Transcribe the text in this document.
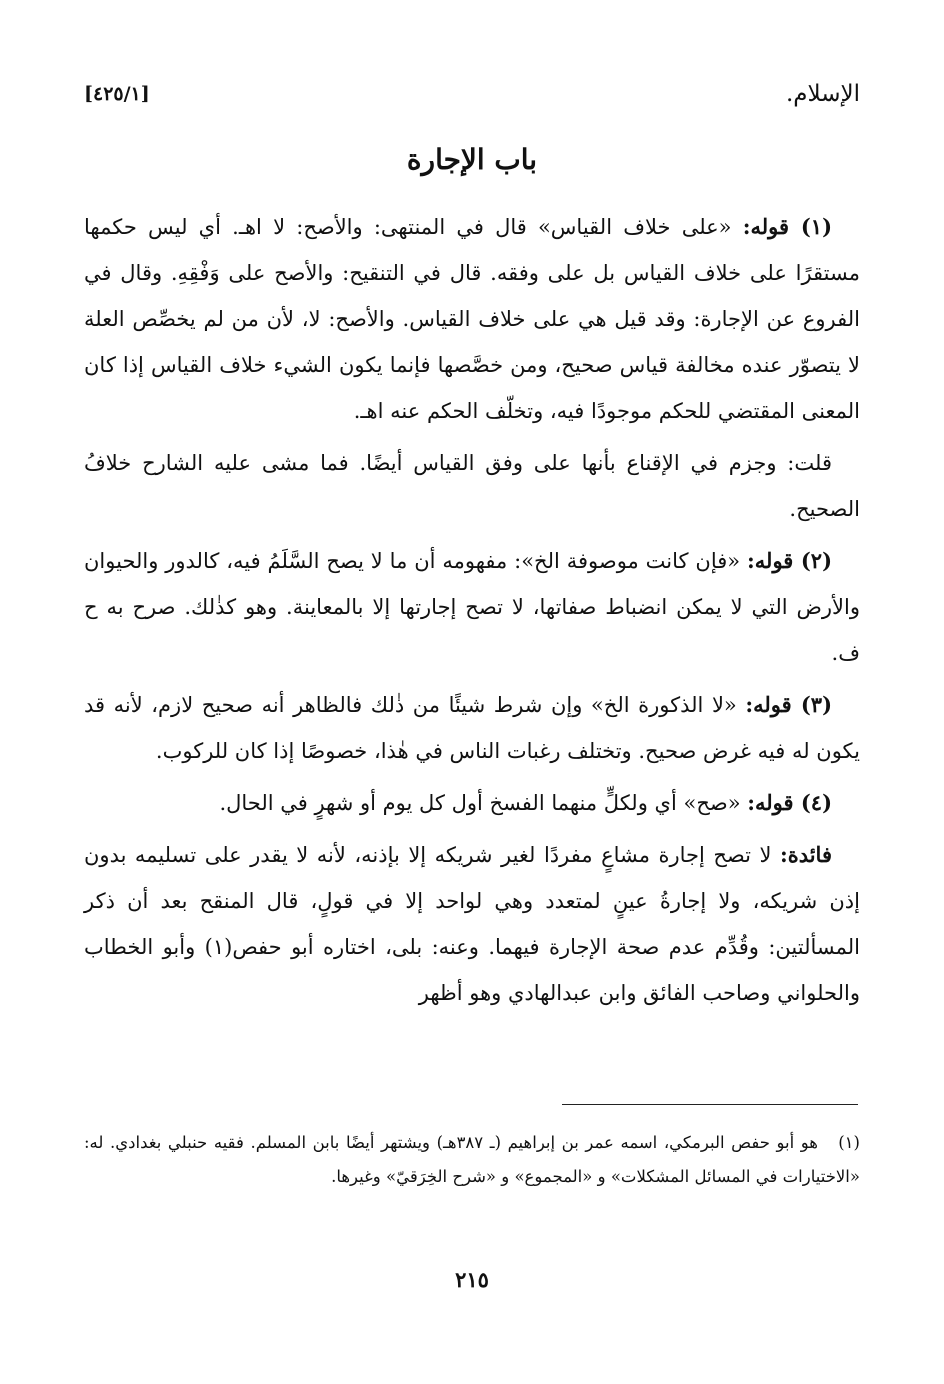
الإسلام.
[٤٢٥/١]
باب الإجارة

(١) قوله: «على خلاف القياس» قال في المنتهى: والأصح: لا اهـ. أي ليس حكمها مستقرًا على خلاف القياس بل على وفقه. قال في التنقيح: والأصح على وَفْقِهِ. وقال في الفروع عن الإجارة: وقد قيل هي على خلاف القياس. والأصح: لا، لأن من لم يخصِّص العلة لا يتصوّر عنده مخالفة قياس صحيح، ومن خصَّصها فإنما يكون الشيء خلاف القياس إذا كان المعنى المقتضي للحكم موجودًا فيه، وتخلّف الحكم عنه اهـ.

قلت: وجزم في الإقناع بأنها على وفق القياس أيضًا. فما مشى عليه الشارح خلافُ الصحيح.

(٢) قوله: «فإن كانت موصوفة الخ»: مفهومه أن ما لا يصح السَّلَمُ فيه، كالدور والحيوان والأرض التي لا يمكن انضباط صفاتها، لا تصح إجارتها إلا بالمعاينة. وهو كذٰلك. صرح به ح ف.

(٣) قوله: «لا الذكورة الخ» وإن شرط شيئًا من ذٰلك فالظاهر أنه صحيح لازم، لأنه قد يكون له فيه غرض صحيح. وتختلف رغبات الناس في هٰذا، خصوصًا إذا كان للركوب.

(٤) قوله: «صح» أي ولكلٍّ منهما الفسخ أول كل يوم أو شهرٍ في الحال.

فائدة: لا تصح إجارة مشاعٍ مفردًا لغير شريكه إلا بإذنه، لأنه لا يقدر على تسليمه بدون إذن شريكه، ولا إجارةُ عينٍ لمتعدد وهي لواحد إلا في قولٍ، قال المنقح بعد أن ذكر المسألتين: وقُدِّم عدم صحة الإجارة فيهما. وعنه: بلى، اختاره أبو حفص(١) وأبو الخطاب والحلواني وصاحب الفائق وابن عبدالهادي وهو أظهر

(١)هو أبو حفص البرمكي، اسمه عمر بن إبراهيم (ـ ٣٨٧هـ) ويشتهر أيضًا بابن المسلم. فقيه حنبلي بغدادي. له: «الاختيارات في المسائل المشكلات» و «المجموع» و «شرح الخِرَقيّ» وغيرها.
٢١٥
